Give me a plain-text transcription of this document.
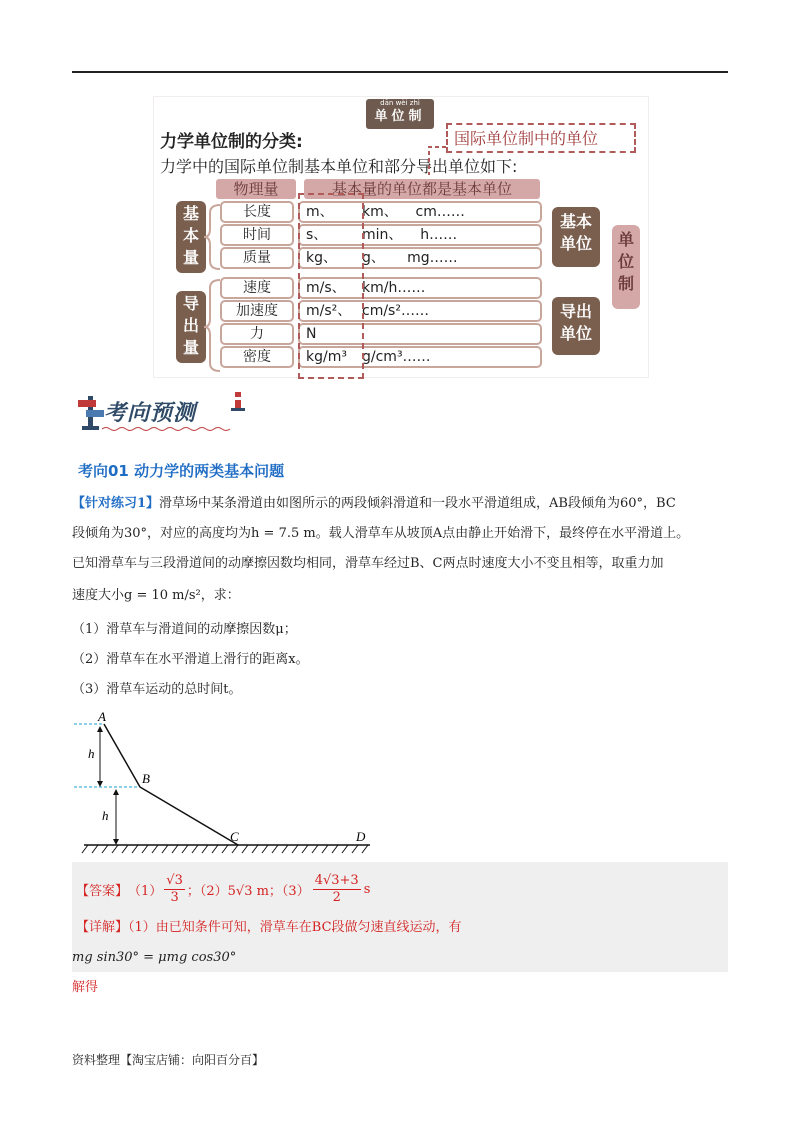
dān wèi zhì
单位制
力学单位制的分类:
力学中的国际单位制基本单位和部分导出单位如下:
国际单位制中的单位
物理量	基本量的单位都是基本单位
基本量
导出量
长度	m、 km、    cm……
时间	s、 min、    h……
质量	kg、 g、     mg……
速度	m/s、 km/h……
加速度	m/s²、 cm/s²……
力	N
密度	kg/m³ g/cm³……
基本单位
导出单位
单位制
考向预测
考向01 动力学的两类基本问题
【针对练习1】滑草场中某条滑道由如图所示的两段倾斜滑道和一段水平滑道组成，AB段倾角为60°，BC
段倾角为30°，对应的高度均为h = 7.5 m。载人滑草车从坡顶A点由静止开始滑下，最终停在水平滑道上。
已知滑草车与三段滑道间的动摩擦因数均相同，滑草车经过B、C两点时速度大小不变且相等，取重力加
速度大小g = 10 m/s²，求：
（1）滑草车与滑道间的动摩擦因数μ；
（2）滑草车在水平滑道上滑行的距离x。
（3）滑草车运动的总时间t。
A
B
C	D
h
h
【答案】 $(1) \frac{√3}{3}$ ；（2） 5√3 m；$(3) \frac{4√3+3}{2}$ s
【详解】（1）由已知条件可知，滑草车在BC段做匀速直线运动，有
mg sin30° = μmg cos30°
解得
资料整理【淘宝店铺：向阳百分百】
